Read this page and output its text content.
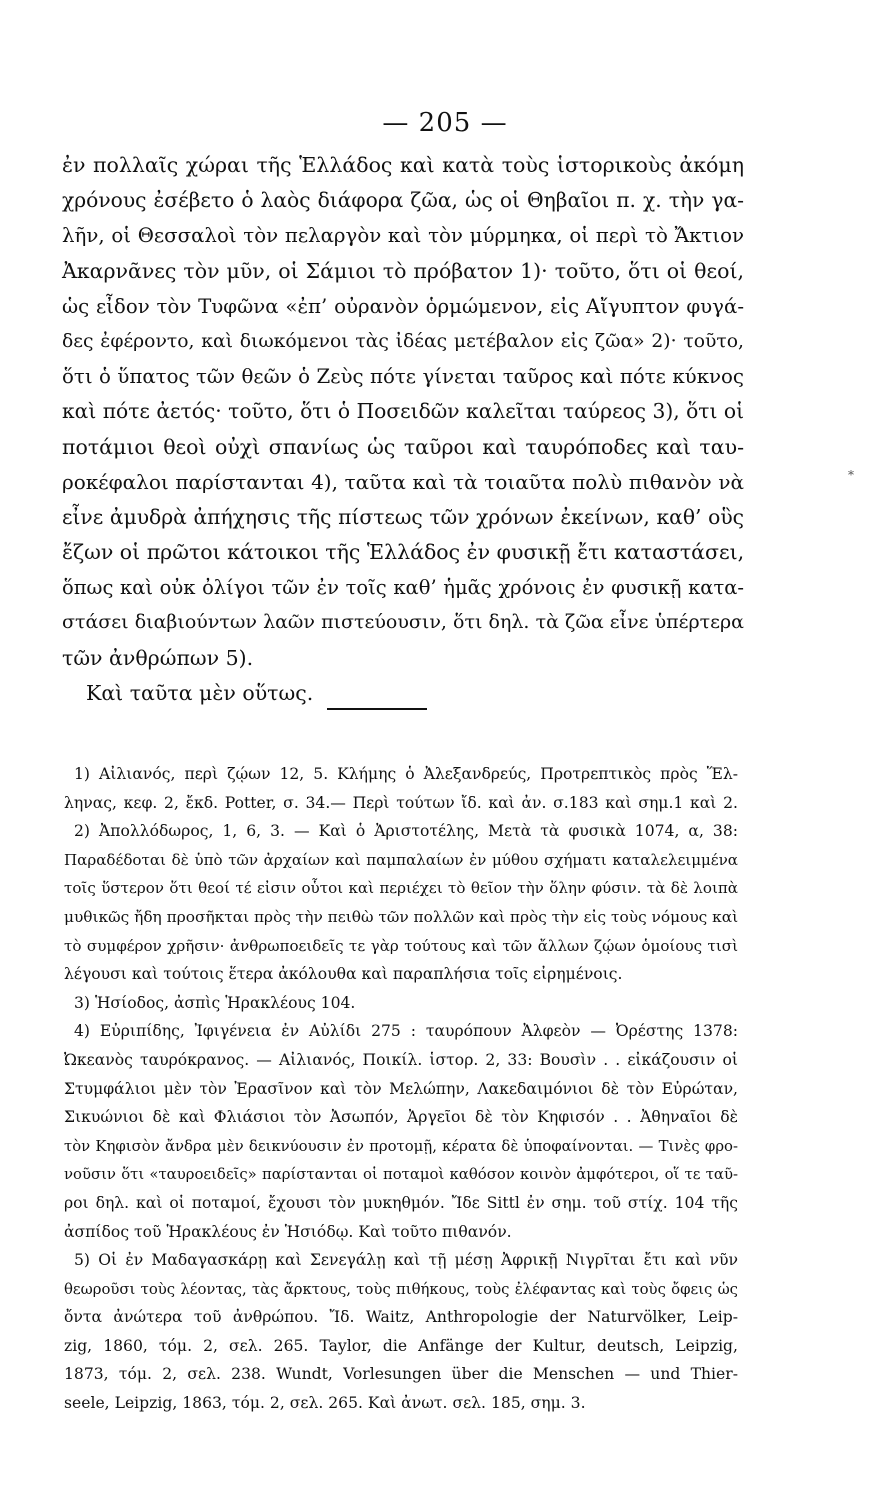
— 205 —
ἐν πολλαῖς χώραι τῆς Ἑλλάδος καὶ κατὰ τοὺς ἱστορικοὺς ἀκόμη
χρόνους ἐσέβετο ὁ λαὸς διάφορα ζῶα, ὡς οἱ Θηβαῖοι π. χ. τὴν γα-
λῆν, οἱ Θεσσαλοὶ τὸν πελαργὸν καὶ τὸν μύρμηκα, οἱ περὶ τὸ Ἄκτιον
Ἀκαρνᾶνες τὸν μῦν, οἱ Σάμιοι τὸ πρόβατον 1)· τοῦτο, ὅτι οἱ θεοί,
ὡς εἶδον τὸν Τυφῶνα «ἐπ’ οὐρανὸν ὁρμώμενον, εἰς Αἴγυπτον φυγά-
δες ἐφέροντο, καὶ διωκόμενοι τὰς ἰδέας μετέβαλον εἰς ζῶα» 2)· τοῦτο,
ὅτι ὁ ὕπατος τῶν θεῶν ὁ Ζεὺς πότε γίνεται ταῦρος καὶ πότε κύκνος
καὶ πότε ἀετός· τοῦτο, ὅτι ὁ Ποσειδῶν καλεῖται ταύρεος 3), ὅτι οἱ
ποτάμιοι θεοὶ οὐχὶ σπανίως ὡς ταῦροι καὶ ταυρόποδες καὶ ταυ-
ροκέφαλοι παρίστανται 4), ταῦτα καὶ τὰ τοιαῦτα πολὺ πιθανὸν νὰ
εἶνε ἀμυδρὰ ἀπήχησις τῆς πίστεως τῶν χρόνων ἐκείνων, καθ’ οὓς
ἔζων οἱ πρῶτοι κάτοικοι τῆς Ἑλλάδος ἐν φυσικῇ ἔτι καταστάσει,
ὅπως καὶ οὐκ ὀλίγοι τῶν ἐν τοῖς καθ’ ἡμᾶς χρόνοις ἐν φυσικῇ κατα-
στάσει διαβιούντων λαῶν πιστεύουσιν, ὅτι δηλ. τὰ ζῶα εἶνε ὑπέρτερα
τῶν ἀνθρώπων 5).
Καὶ ταῦτα μὲν οὕτως.
1) Αἰλιανός, περὶ ζῴων 12, 5. Κλήμης ὁ Ἀλεξανδρεύς, Προτρεπτικὸς πρὸς Ἕλ-
ληνας, κεφ. 2, ἔκδ. Potter, σ. 34.— Περὶ τούτων ἴδ. καὶ ἀν. σ.183 καὶ σημ.1 καὶ 2.
2) Ἀπολλόδωρος, 1, 6, 3. — Καὶ ὁ Ἀριστοτέλης, Μετὰ τὰ φυσικὰ 1074, α, 38:
Παραδέδοται δὲ ὑπὸ τῶν ἀρχαίων καὶ παμπαλαίων ἐν μύθου σχήματι καταλελειμμένα
τοῖς ὕστερον ὅτι θεοί τέ εἰσιν οὗτοι καὶ περιέχει τὸ θεῖον τὴν ὅλην φύσιν. τὰ δὲ λοιπὰ
μυθικῶς ἤδη προσῆκται πρὸς τὴν πειθὼ τῶν πολλῶν καὶ πρὸς τὴν εἰς τοὺς νόμους καὶ
τὸ συμφέρον χρῆσιν· ἀνθρωποειδεῖς τε γὰρ τούτους καὶ τῶν ἄλλων ζῴων ὁμοίους τισὶ
λέγουσι καὶ τούτοις ἕτερα ἀκόλουθα καὶ παραπλήσια τοῖς εἰρημένοις.
3) Ἡσίοδος, ἀσπὶς Ἡρακλέους 104.
4) Εὐριπίδης, Ἰφιγένεια ἐν Αὐλίδι 275 : ταυρόπουν Ἀλφεὸν — Ὀρέστης 1378:
Ὠκεανὸς ταυρόκρανος. — Αἰλιανός, Ποικίλ. ἱστορ. 2, 33: Βουσὶν . . εἰκάζουσιν οἱ
Στυμφάλιοι μὲν τὸν Ἐρασῖνον καὶ τὸν Μελώπην, Λακεδαιμόνιοι δὲ τὸν Εὐρώταν,
Σικυώνιοι δὲ καὶ Φλιάσιοι τὸν Ἀσωπόν, Ἀργεῖοι δὲ τὸν Κηφισόν . . Ἀθηναῖοι δὲ
τὸν Κηφισὸν ἄνδρα μὲν δεικνύουσιν ἐν προτομῇ, κέρατα δὲ ὑποφαίνονται. — Τινὲς φρο-
νοῦσιν ὅτι «ταυροειδεῖς» παρίστανται οἱ ποταμοὶ καθόσον κοινὸν ἀμφότεροι, οἵ τε ταῦ-
ροι δηλ. καὶ οἱ ποταμοί, ἔχουσι τὸν μυκηθμόν. Ἴδε Sittl ἐν σημ. τοῦ στίχ. 104 τῆς
ἀσπίδος τοῦ Ἡρακλέους ἐν Ἡσιόδῳ. Καὶ τοῦτο πιθανόν.
5) Οἱ ἐν Μαδαγασκάρῃ καὶ Σενεγάλῃ καὶ τῇ μέσῃ Ἀφρικῇ Νιγρῖται ἔτι καὶ νῦν
θεωροῦσι τοὺς λέοντας, τὰς ἄρκτους, τοὺς πιθήκους, τοὺς ἐλέφαντας καὶ τοὺς ὄφεις ὡς
ὄντα ἀνώτερα τοῦ ἀνθρώπου. Ἴδ. Waitz, Anthropologie der Naturvölker, Leip-
zig, 1860, τόμ. 2, σελ. 265. Taylor, die Anfänge der Kultur, deutsch, Leipzig,
1873, τόμ. 2, σελ. 238. Wundt, Vorlesungen über die Menschen — und Thier-
seele, Leipzig, 1863, τόμ. 2, σελ. 265. Καὶ ἀνωτ. σελ. 185, σημ. 3.
*
